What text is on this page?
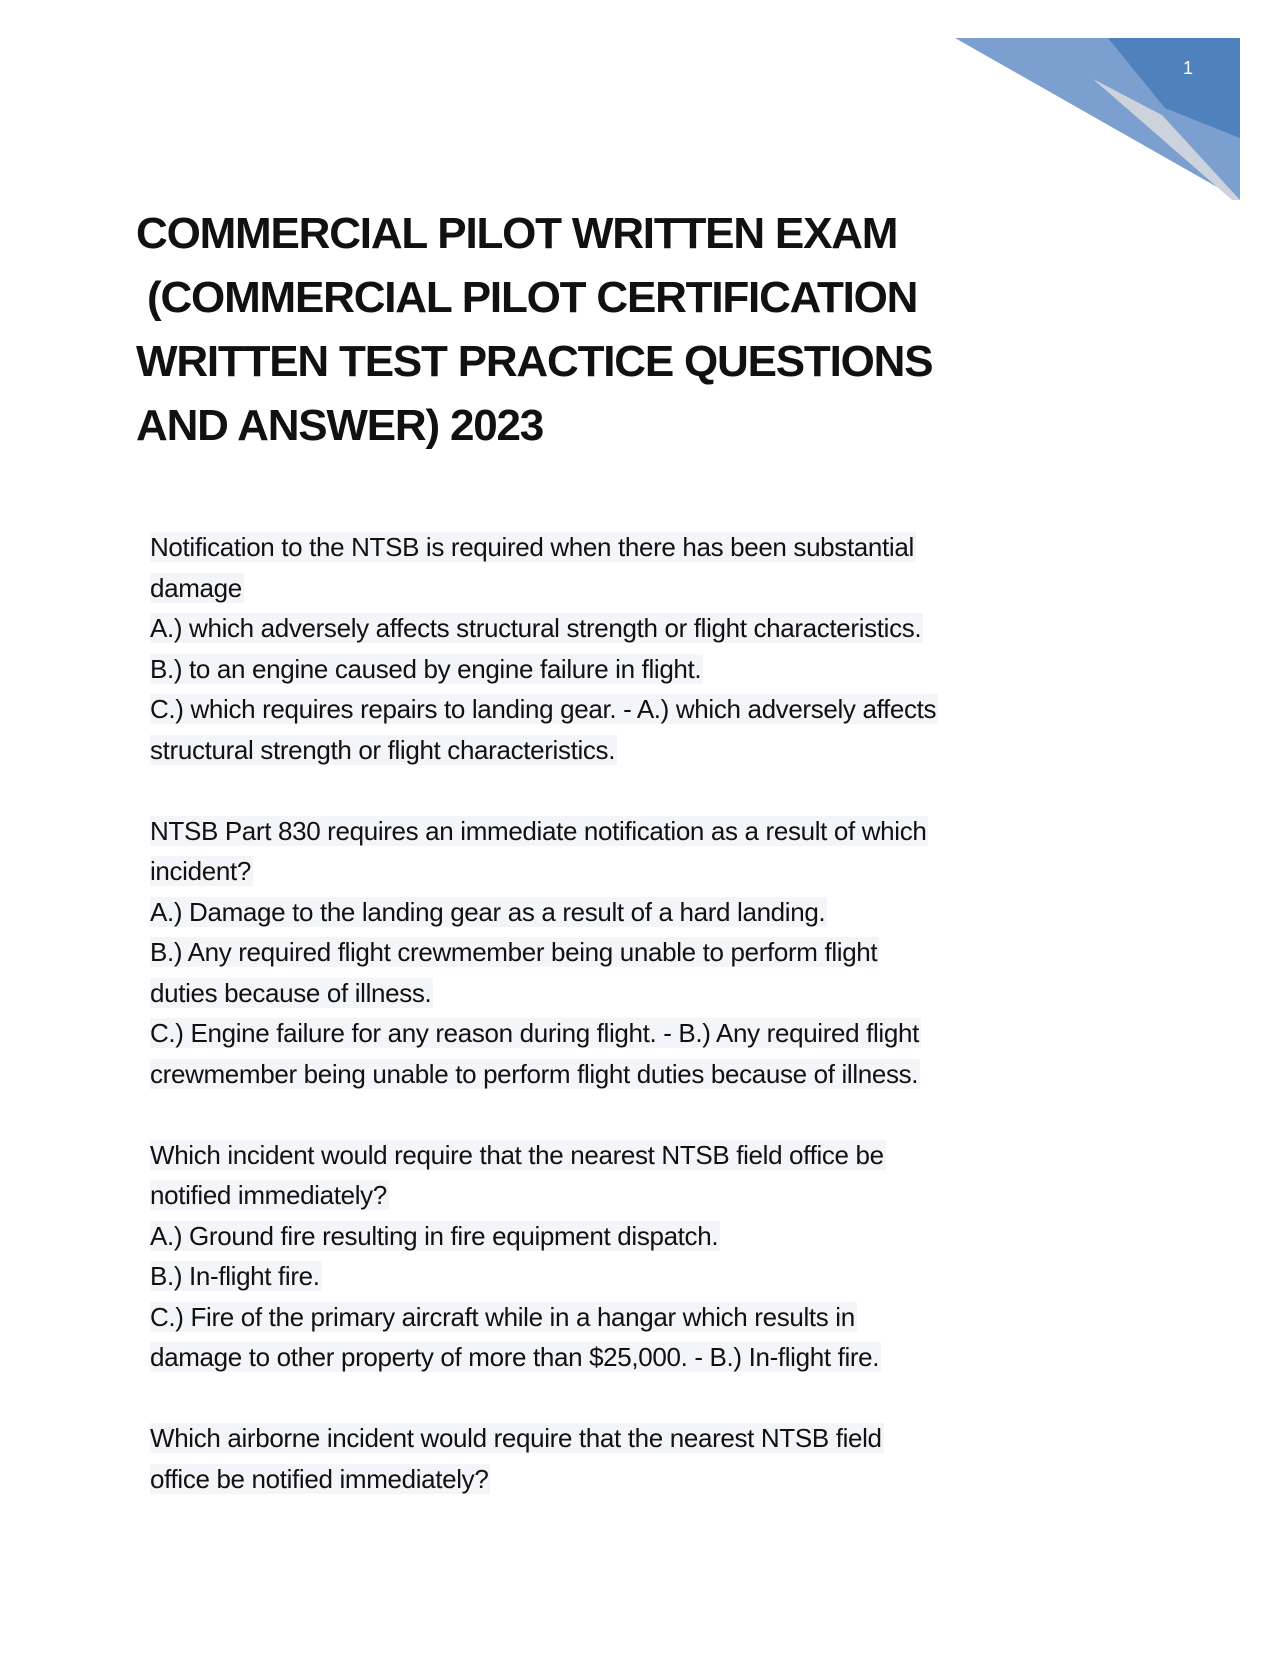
1
COMMERCIAL PILOT WRITTEN EXAM
(COMMERCIAL PILOT CERTIFICATION
WRITTEN TEST PRACTICE QUESTIONS
AND ANSWER) 2023
Notification to the NTSB is required when there has been substantial
damage
A.) which adversely affects structural strength or flight characteristics.
B.) to an engine caused by engine failure in flight.
C.) which requires repairs to landing gear. - A.) which adversely affects
structural strength or flight characteristics.
NTSB Part 830 requires an immediate notification as a result of which
incident?
A.) Damage to the landing gear as a result of a hard landing.
B.) Any required flight crewmember being unable to perform flight
duties because of illness.
C.) Engine failure for any reason during flight. - B.) Any required flight
crewmember being unable to perform flight duties because of illness.
Which incident would require that the nearest NTSB field office be
notified immediately?
A.) Ground fire resulting in fire equipment dispatch.
B.) In-flight fire.
C.) Fire of the primary aircraft while in a hangar which results in
damage to other property of more than $25,000. - B.) In-flight fire.
Which airborne incident would require that the nearest NTSB field
office be notified immediately?
